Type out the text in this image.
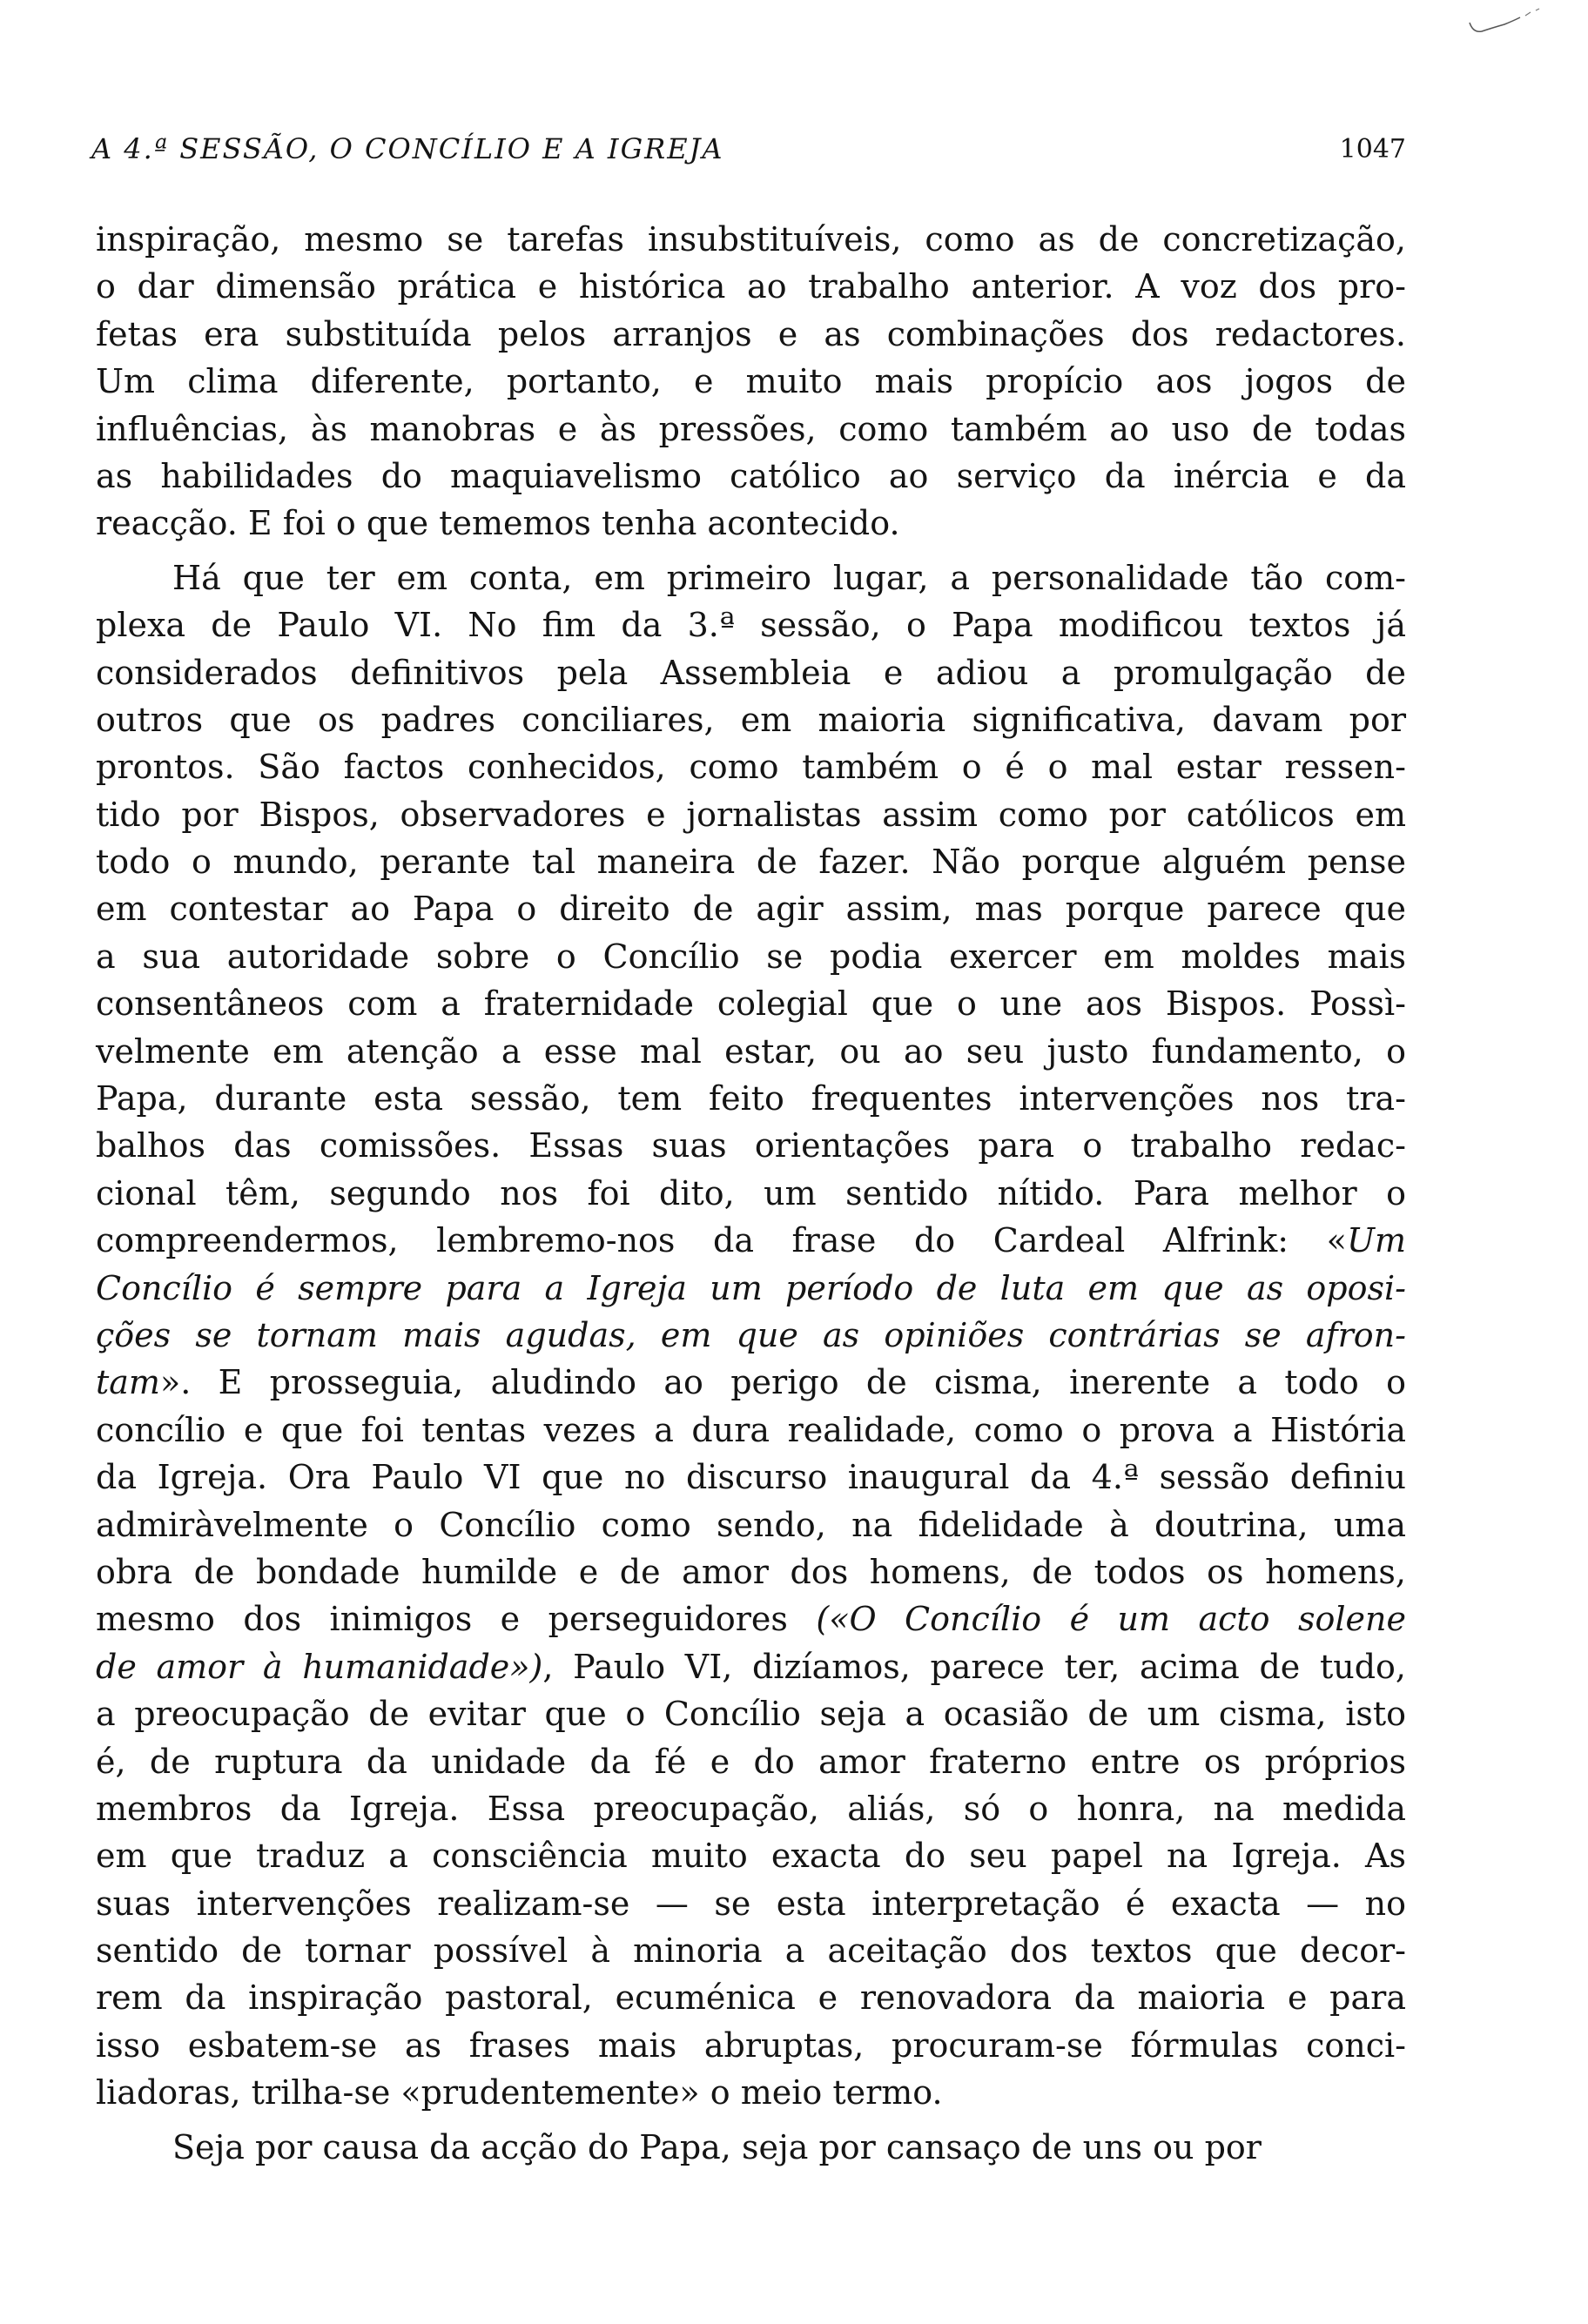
A 4.ª SESSÃO, O CONCÍLIO E A IGREJA	1047
inspiração, mesmo se tarefas insubstituíveis, como as de concretização,
o dar dimensão prática e histórica ao trabalho anterior. A voz dos pro-
fetas era substituída pelos arranjos e as combinações dos redactores.
Um clima diferente, portanto, e muito mais propício aos jogos de
influências, às manobras e às pressões, como também ao uso de todas
as habilidades do maquiavelismo católico ao serviço da inércia e da
reacção. E foi o que tememos tenha acontecido.
Há que ter em conta, em primeiro lugar, a personalidade tão com-
plexa de Paulo VI. No fim da 3.ª sessão, o Papa modificou textos já
considerados definitivos pela Assembleia e adiou a promulgação de
outros que os padres conciliares, em maioria significativa, davam por
prontos. São factos conhecidos, como também o é o mal estar ressen-
tido por Bispos, observadores e jornalistas assim como por católicos em
todo o mundo, perante tal maneira de fazer. Não porque alguém pense
em contestar ao Papa o direito de agir assim, mas porque parece que
a sua autoridade sobre o Concílio se podia exercer em moldes mais
consentâneos com a fraternidade colegial que o une aos Bispos. Possì-
velmente em atenção a esse mal estar, ou ao seu justo fundamento, o
Papa, durante esta sessão, tem feito frequentes intervenções nos tra-
balhos das comissões. Essas suas orientações para o trabalho redac-
cional têm, segundo nos foi dito, um sentido nítido. Para melhor o
compreendermos, lembremo-nos da frase do Cardeal Alfrink: «Um
Concílio é sempre para a Igreja um período de luta em que as oposi-
ções se tornam mais agudas, em que as opiniões contrárias se afron-
tam». E prosseguia, aludindo ao perigo de cisma, inerente a todo o
concílio e que foi tentas vezes a dura realidade, como o prova a História
da Igreja. Ora Paulo VI que no discurso inaugural da 4.ª sessão definiu
admiràvelmente o Concílio como sendo, na fidelidade à doutrina, uma
obra de bondade humilde e de amor dos homens, de todos os homens,
mesmo dos inimigos e perseguidores («O Concílio é um acto solene
de amor à humanidade»), Paulo VI, dizíamos, parece ter, acima de tudo,
a preocupação de evitar que o Concílio seja a ocasião de um cisma, isto
é, de ruptura da unidade da fé e do amor fraterno entre os próprios
membros da Igreja. Essa preocupação, aliás, só o honra, na medida
em que traduz a consciência muito exacta do seu papel na Igreja. As
suas intervenções realizam-se — se esta interpretação é exacta — no
sentido de tornar possível à minoria a aceitação dos textos que decor-
rem da inspiração pastoral, ecuménica e renovadora da maioria e para
isso esbatem-se as frases mais abruptas, procuram-se fórmulas conci-
liadoras, trilha-se «prudentemente» o meio termo.
Seja por causa da acção do Papa, seja por cansaço de uns ou por
